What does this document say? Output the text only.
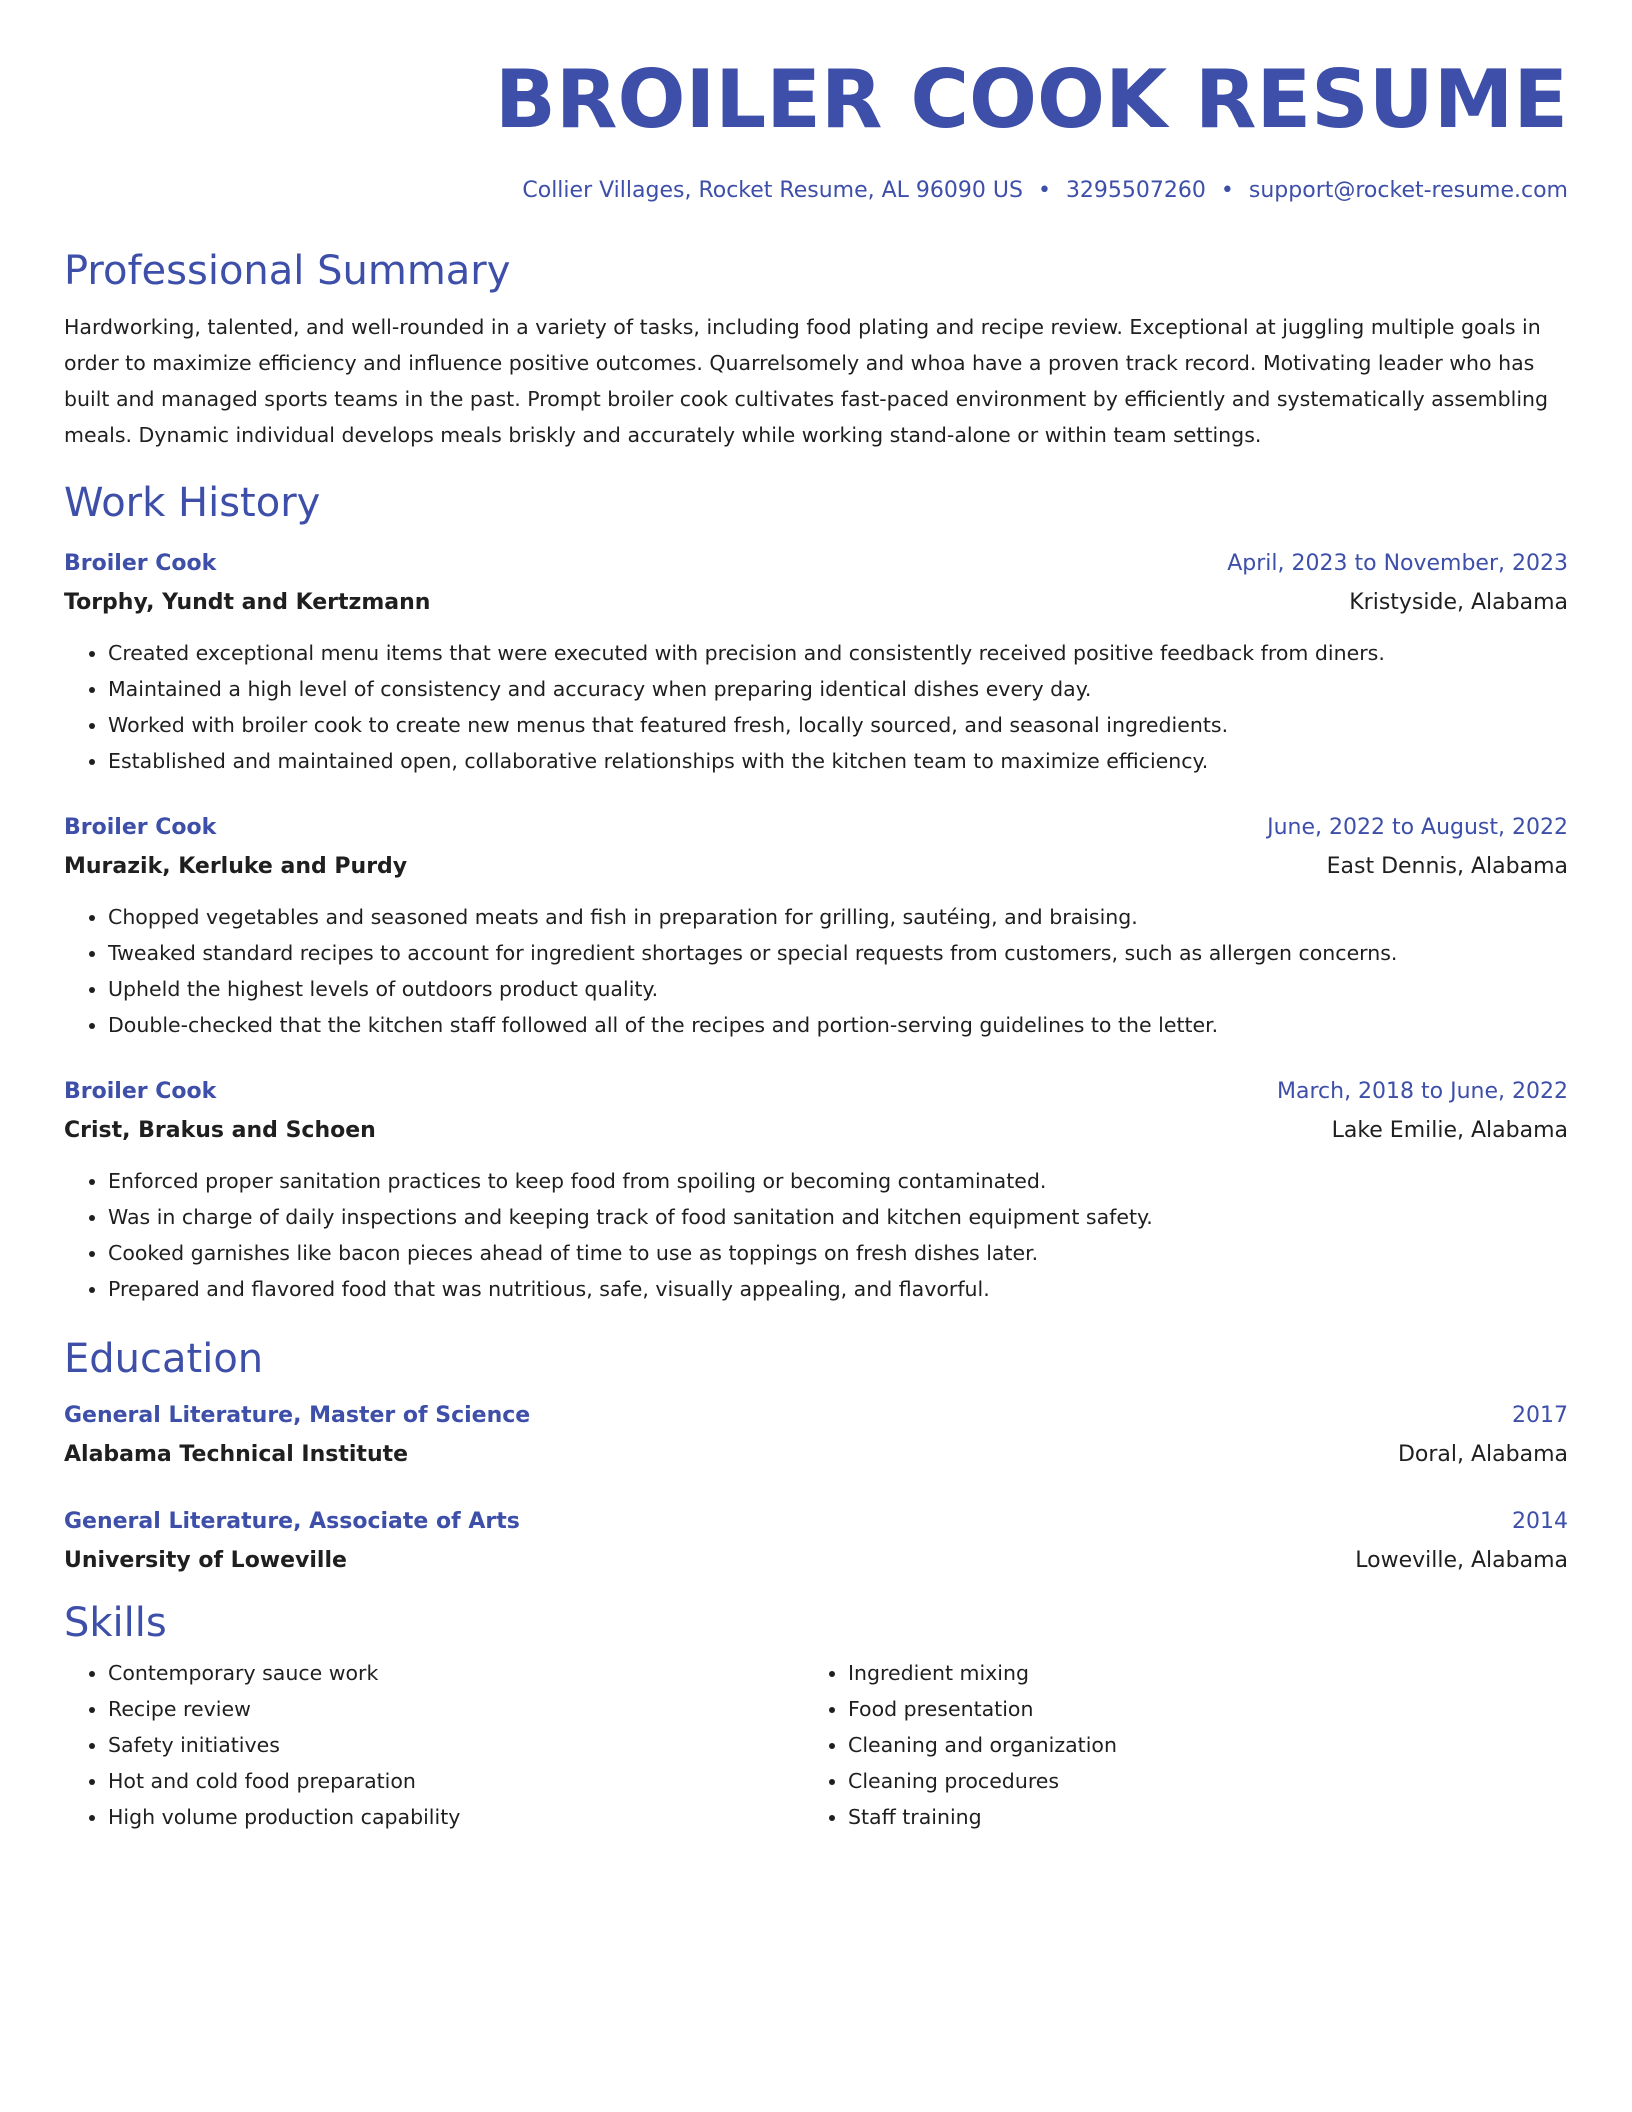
BROILER COOK RESUME
Collier Villages, Rocket Resume, AL 96090 US • 3295507260 • support@rocket-resume.com
Professional Summary
Hardworking, talented, and well-rounded in a variety of tasks, including food plating and recipe review. Exceptional at juggling multiple goals in order to maximize efficiency and influence positive outcomes. Quarrelsomely and whoa have a proven track record. Motivating leader who has built and managed sports teams in the past. Prompt broiler cook cultivates fast-paced environment by efficiently and systematically assembling meals. Dynamic individual develops meals briskly and accurately while working stand-alone or within team settings.
Work History
Broiler Cook	April, 2023 to November, 2023
Torphy, Yundt and Kertzmann	Kristyside, Alabama
• Created exceptional menu items that were executed with precision and consistently received positive feedback from diners.
• Maintained a high level of consistency and accuracy when preparing identical dishes every day.
• Worked with broiler cook to create new menus that featured fresh, locally sourced, and seasonal ingredients.
• Established and maintained open, collaborative relationships with the kitchen team to maximize efficiency.
Broiler Cook	June, 2022 to August, 2022
Murazik, Kerluke and Purdy	East Dennis, Alabama
• Chopped vegetables and seasoned meats and fish in preparation for grilling, sautéing, and braising.
• Tweaked standard recipes to account for ingredient shortages or special requests from customers, such as allergen concerns.
• Upheld the highest levels of outdoors product quality.
• Double-checked that the kitchen staff followed all of the recipes and portion-serving guidelines to the letter.
Broiler Cook	March, 2018 to June, 2022
Crist, Brakus and Schoen	Lake Emilie, Alabama
• Enforced proper sanitation practices to keep food from spoiling or becoming contaminated.
• Was in charge of daily inspections and keeping track of food sanitation and kitchen equipment safety.
• Cooked garnishes like bacon pieces ahead of time to use as toppings on fresh dishes later.
• Prepared and flavored food that was nutritious, safe, visually appealing, and flavorful.
Education
General Literature, Master of Science	2017
Alabama Technical Institute	Doral, Alabama
General Literature, Associate of Arts	2014
University of Loweville	Loweville, Alabama
Skills
• Contemporary sauce work
• Recipe review
• Safety initiatives
• Hot and cold food preparation
• High volume production capability
• Ingredient mixing
• Food presentation
• Cleaning and organization
• Cleaning procedures
• Staff training
